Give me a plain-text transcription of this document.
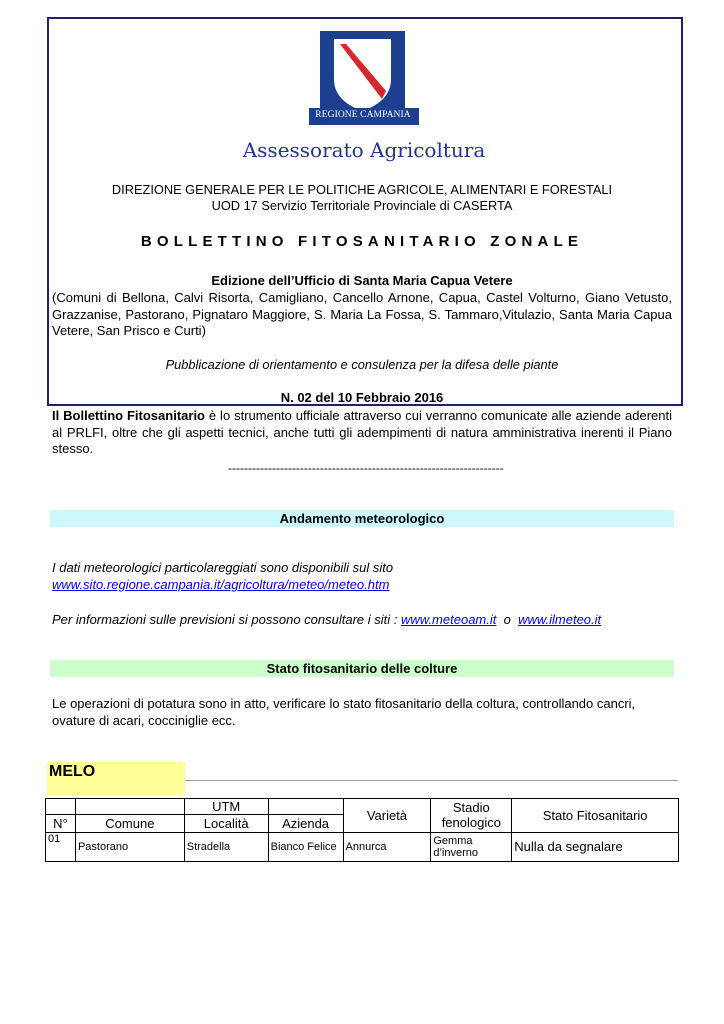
REGIONE CAMPANIA
Assessorato Agricoltura
DIREZIONE GENERALE PER LE POLITICHE AGRICOLE, ALIMENTARI E FORESTALI
UOD 17 Servizio Territoriale Provinciale di CASERTA
BOLLETTINO FITOSANITARIO ZONALE
Edizione dell’Ufficio di Santa Maria Capua Vetere
(Comuni di Bellona, Calvi Risorta, Camigliano, Cancello Arnone, Capua, Castel Volturno, Giano Vetusto, Grazzanise, Pastorano, Pignataro Maggiore, S. Maria La Fossa, S. Tammaro,Vitulazio, Santa Maria Capua Vetere, San Prisco e Curti)
Pubblicazione di orientamento e consulenza per la difesa delle piante
N. 02 del 10 Febbraio 2016
Il Bollettino Fitosanitario è lo strumento ufficiale attraverso cui verranno comunicate alle aziende aderenti al PRLFI, oltre che gli aspetti tecnici, anche tutti gli adempimenti di natura amministrativa inerenti il Piano stesso.
---------------------------------------------------------------------
Andamento meteorologico
I dati meteorologici particolareggiati sono disponibili sul sito
www.sito.regione.campania.it/agricoltura/meteo/meteo.htm
Per informazioni sulle previsioni si possono consultare i siti : www.meteoam.it  o  www.ilmeteo.it
Stato fitosanitario delle colture
Le operazioni di potatura sono in atto, verificare lo stato fitosanitario della coltura, controllando cancri, ovature di acari, cocciniglie ecc.
MELO
		UTM		Varietà	Stadio fenologico	Stato Fitosanitario
N°	Comune	Località	Azienda			
01	Pastorano	Stradella	Bianco Felice	Annurca	Gemma d’inverno	Nulla da segnalare
